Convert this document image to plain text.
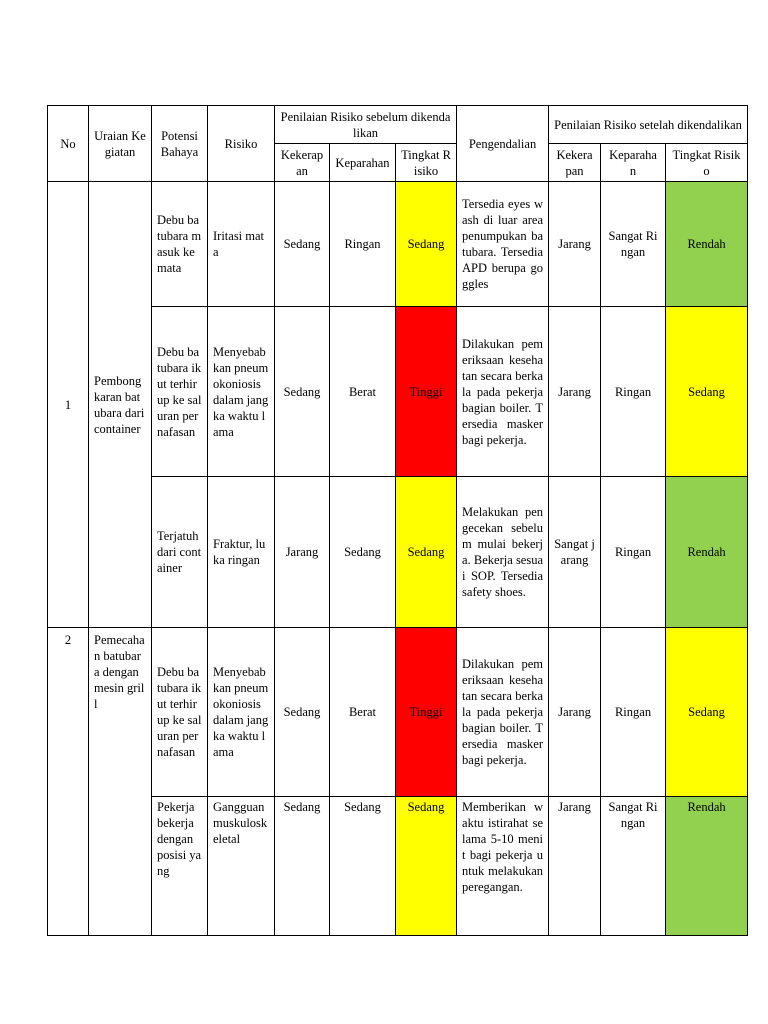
No	Uraian Kegiatan	Potensi Bahaya	Risiko	Penilaian Risiko sebelum dikendalikan			Pengendalian	Penilaian Risiko setelah dikendalikan		
				Kekerapan	Keparahan	Tingkat Risiko		Kekerapan	Keparahan	Tingkat Risiko
1	Pembongkaran batubara dari container	Debu batubara masuk ke mata	Iritasi mata	Sedang	Ringan	Sedang	Tersedia eyes wash di luar area penumpukan batubara. Tersedia APD berupa goggles	Jarang	Sangat Ringan	Rendah
		Debu batubara ikut terhirup ke saluran pernafasan	Menyebabkan pneumokoniosis dalam jangka waktu lama	Sedang	Berat	Tinggi	Dilakukan pemeriksaan kesehatan secara berkala pada pekerja bagian boiler. Tersedia masker bagi pekerja.	Jarang	Ringan	Sedang
		Terjatuh dari container	Fraktur, luka ringan	Jarang	Sedang	Sedang	Melakukan pengecekan sebelum mulai bekerja. Bekerja sesuai SOP. Tersedia safety shoes.	Sangat jarang	Ringan	Rendah
2	Pemecahan batubara dengan mesin grill	Debu batubara ikut terhirup ke saluran pernafasan	Menyebabkan pneumokoniosis dalam jangka waktu lama	Sedang	Berat	Tinggi	Dilakukan pemeriksaan kesehatan secara berkala pada pekerja bagian boiler. Tersedia masker bagi pekerja.	Jarang	Ringan	Sedang
		Pekerja bekerja dengan posisi yang	Gangguan muskuloskeletal	Sedang	Sedang	Sedang	Memberikan waktu istirahat selama 5-10 menit bagi pekerja untuk melakukan peregangan.	Jarang	Sangat Ringan	Rendah
